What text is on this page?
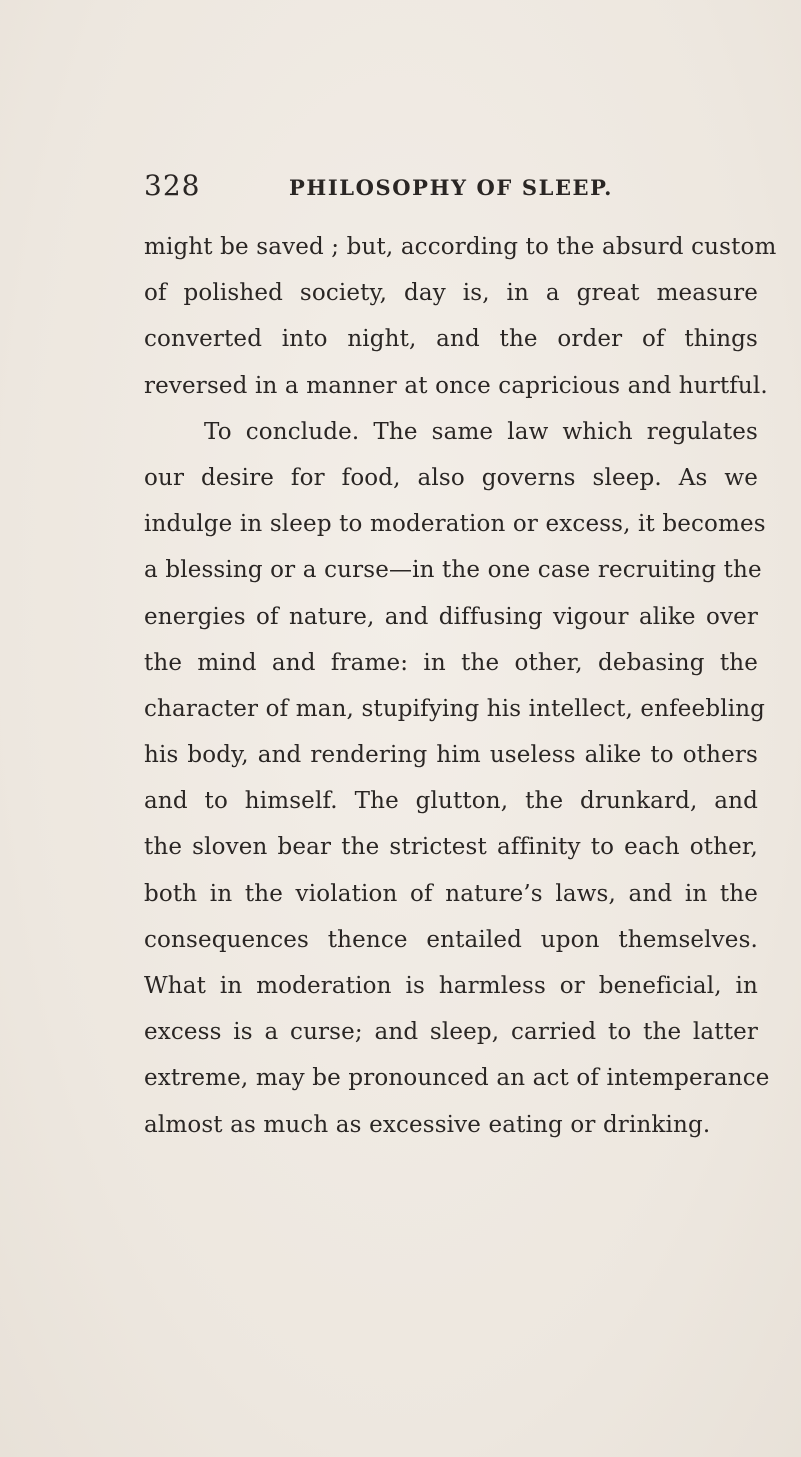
328	PHILOSOPHY OF SLEEP.
might be saved ; but, according to the absurd custom
of polished society, day is, in a great measure
converted into night, and the order of things
reversed in a manner at once capricious and hurtful.
To conclude. The same law which regulates
our desire for food, also governs sleep. As we
indulge in sleep to moderation or excess, it becomes
a blessing or a curse—in the one case recruiting the
energies of nature, and diffusing vigour alike over
the mind and frame: in the other, debasing the
character of man, stupifying his intellect, enfeebling
his body, and rendering him useless alike to others
and to himself. The glutton, the drunkard, and
the sloven bear the strictest affinity to each other,
both in the violation of nature’s laws, and in the
consequences thence entailed upon themselves.
What in moderation is harmless or beneficial, in
excess is a curse; and sleep, carried to the latter
extreme, may be pronounced an act of intemperance
almost as much as excessive eating or drinking.
